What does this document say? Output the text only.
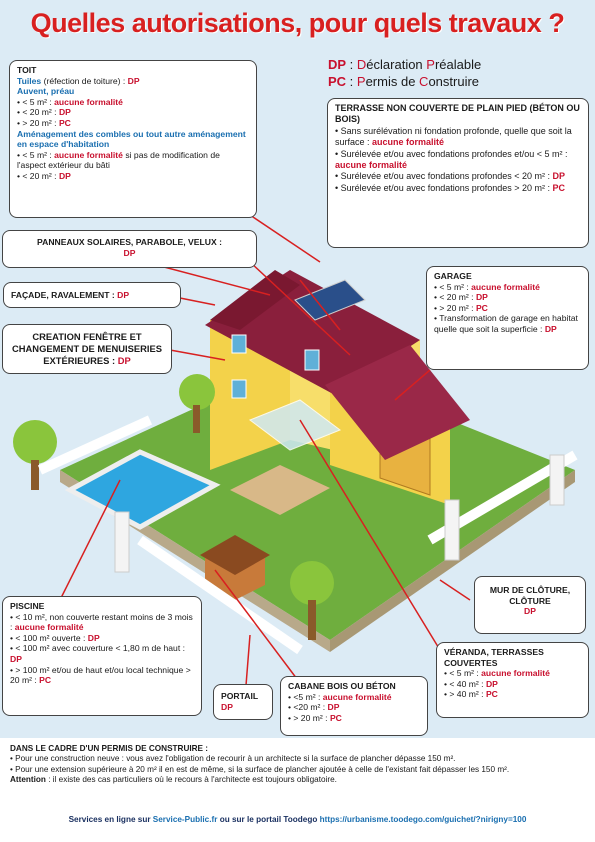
Quelles autorisations, pour quels travaux ?
DP : Déclaration Préalable
PC : Permis de Construire
TOIT
Tuiles (réfection de toiture) : DP
Auvent, préau
• < 5 m² : aucune formalité
• < 20 m² : DP
• > 20 m² : PC
Aménagement des combles ou tout autre aménagement en espace d'habitation
• < 5 m² : aucune formalité si pas de modification de l'aspect extérieur du bâti
• < 20 m² : DP
TERRASSE NON COUVERTE DE PLAIN PIED (BÉTON OU BOIS)
• Sans surélévation ni fondation profonde, quelle que soit la surface : aucune formalité
• Surélevée et/ou avec fondations profondes et/ou < 5 m² : aucune formalité
• Surélevée et/ou avec fondations profondes < 20 m² : DP
• Surélevée et/ou avec fondations profondes > 20 m² : PC
PANNEAUX SOLAIRES, PARABOLE, VELUX :
DP
FAÇADE, RAVALEMENT : DP
CREATION FENÊTRE ET CHANGEMENT DE MENUISERIES EXTÉRIEURES : DP
GARAGE
• < 5 m² : aucune formalité
• < 20 m² : DP
• > 20 m² : PC
• Transformation de garage en habitat quelle que soit la superficie : DP
PISCINE
• < 10 m², non couverte restant moins de 3 mois : aucune formalité
• < 100 m² ouverte : DP
• < 100 m² avec couverture < 1,80 m de haut : DP
• > 100 m² et/ou de haut et/ou local technique > 20 m² : PC
PORTAIL
DP
CABANE BOIS OU BÉTON
• <5 m² : aucune formalité
• <20 m² : DP
• > 20 m² : PC
MUR DE CLÔTURE, CLÔTURE
DP
VÉRANDA, TERRASSES COUVERTES
• < 5 m² : aucune formalité
• < 40 m² : DP
• > 40 m² : PC
DANS LE CADRE D'UN PERMIS DE CONSTRUIRE :
• Pour une construction neuve : vous avez l'obligation de recourir à un architecte si la surface de plancher dépasse 150 m².
• Pour une extension supérieure à 20 m² il en est de même, si la surface de plancher ajoutée à celle de l'existant fait dépasser les 150 m².
Attention : il existe des cas particuliers où le recours à l'architecte est toujours obligatoire.
Services en ligne sur Service-Public.fr ou sur le portail Toodego https://urbanisme.toodego.com/guichet/?nirigny=100
